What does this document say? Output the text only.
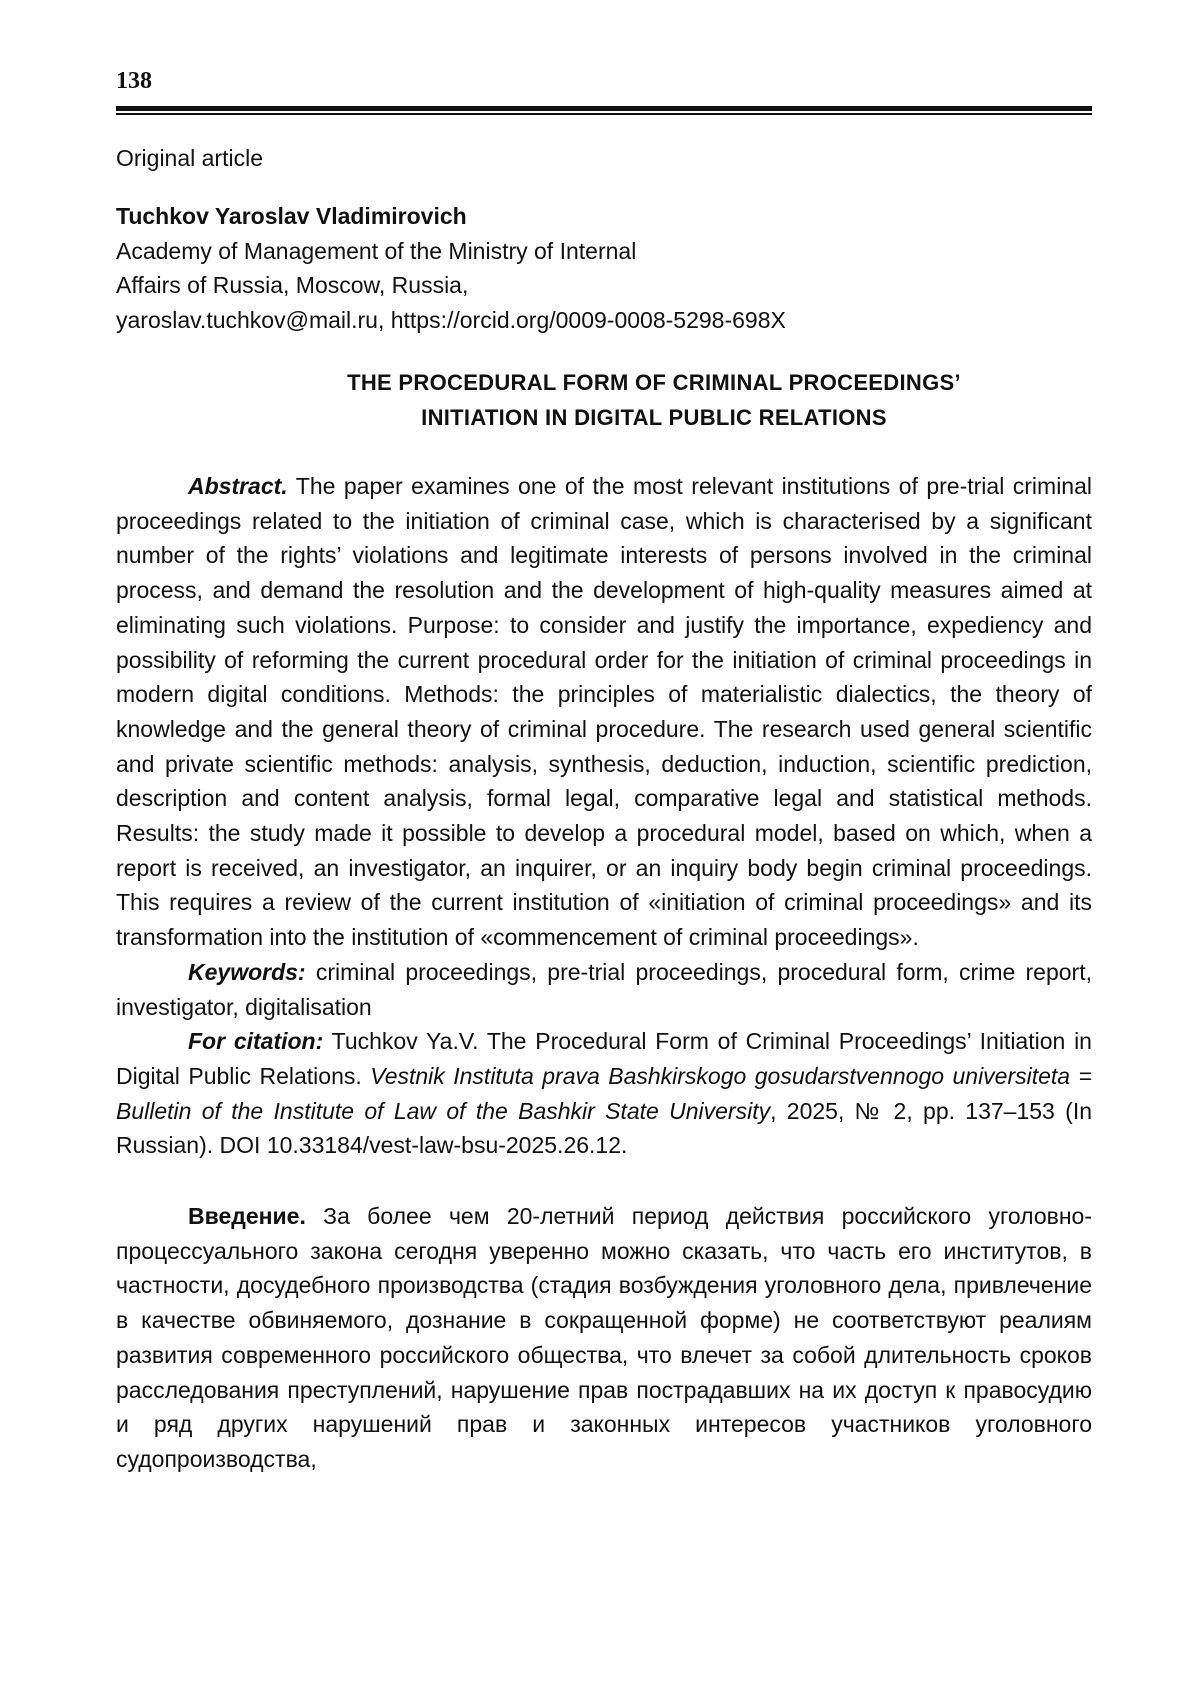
138
Original article
Tuchkov Yaroslav Vladimirovich
Academy of Management of the Ministry of Internal
Affairs of Russia, Moscow, Russia,
yaroslav.tuchkov@mail.ru, https://orcid.org/0009-0008-5298-698X
THE PROCEDURAL FORM OF CRIMINAL PROCEEDINGS’
INITIATION IN DIGITAL PUBLIC RELATIONS
Abstract. The paper examines one of the most relevant institutions of pre-trial criminal proceedings related to the initiation of criminal case, which is characterised by a significant number of the rights’ violations and legitimate interests of persons involved in the criminal process, and demand the resolution and the development of high-quality measures aimed at eliminating such violations. Purpose: to consider and justify the importance, expediency and possibility of reforming the current procedural order for the initiation of criminal proceedings in modern digital conditions. Methods: the principles of materialistic dialectics, the theory of knowledge and the general theory of criminal procedure. The research used general scientific and private scientific methods: analysis, synthesis, deduction, induction, scientific prediction, description and content analysis, formal legal, comparative legal and statistical methods. Results: the study made it possible to develop a procedural model, based on which, when a report is received, an investigator, an inquirer, or an inquiry body begin criminal proceedings. This requires a review of the current institution of «initiation of criminal proceedings» and its transformation into the institution of «commencement of criminal proceedings».
Keywords: criminal proceedings, pre-trial proceedings, procedural form, crime report, investigator, digitalisation
For citation: Tuchkov Ya.V. The Procedural Form of Criminal Proceedings’ Initiation in Digital Public Relations. Vestnik Instituta prava Bashkirskogo gosudarstvennogo universiteta = Bulletin of the Institute of Law of the Bashkir State University, 2025, № 2, pp. 137–153 (In Russian). DOI 10.33184/vest-law-bsu-2025.26.12.
Введение. За более чем 20-летний период действия российского уголовно-процессуального закона сегодня уверенно можно сказать, что часть его институтов, в частности, досудебного производства (стадия возбуждения уголовного дела, привлечение в качестве обвиняемого, дознание в сокращенной форме) не соответствуют реалиям развития современного российского общества, что влечет за собой длительность сроков расследования преступлений, нарушение прав пострадавших на их доступ к правосудию и ряд других нарушений прав и законных интересов участников уголовного судопроизводства,
